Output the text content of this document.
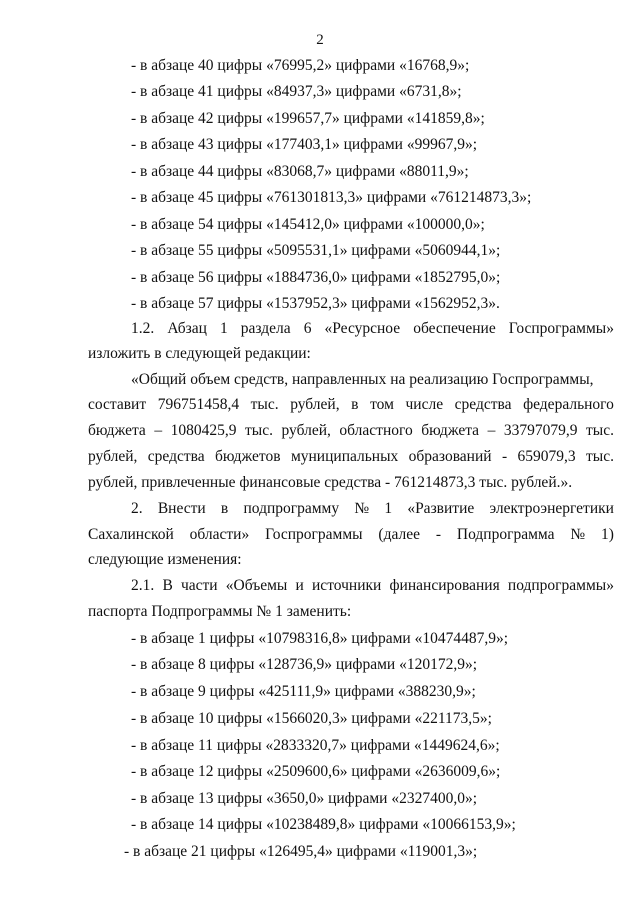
2
- в абзаце 40 цифры «76995,2» цифрами «16768,9»;
- в абзаце 41 цифры «84937,3» цифрами «6731,8»;
- в абзаце 42 цифры «199657,7» цифрами «141859,8»;
- в абзаце 43 цифры «177403,1» цифрами «99967,9»;
- в абзаце 44 цифры «83068,7» цифрами «88011,9»;
- в абзаце 45 цифры «761301813,3» цифрами «761214873,3»;
- в абзаце 54 цифры «145412,0» цифрами «100000,0»;
- в абзаце 55 цифры «5095531,1» цифрами «5060944,1»;
- в абзаце 56 цифры «1884736,0» цифрами «1852795,0»;
- в абзаце 57 цифры «1537952,3» цифрами «1562952,3».
1.2. Абзац 1 раздела 6 «Ресурсное обеспечение Госпрограммы»
изложить в следующей редакции:
«Общий объем средств, направленных на реализацию Госпрограммы,
составит 796751458,4 тыс. рублей, в том числе средства федерального
бюджета – 1080425,9 тыс. рублей, областного бюджета – 33797079,9 тыс.
рублей, средства бюджетов муниципальных образований - 659079,3 тыс.
рублей, привлеченные финансовые средства - 761214873,3 тыс. рублей.».
2. Внести в подпрограмму № 1 «Развитие электроэнергетики
Сахалинской области» Госпрограммы (далее - Подпрограмма № 1)
следующие изменения:
2.1. В части «Объемы и источники финансирования подпрограммы»
паспорта Подпрограммы № 1 заменить:
- в абзаце 1 цифры «10798316,8» цифрами «10474487,9»;
- в абзаце 8 цифры «128736,9» цифрами «120172,9»;
- в абзаце 9 цифры «425111,9» цифрами «388230,9»;
- в абзаце 10 цифры «1566020,3» цифрами «221173,5»;
- в абзаце 11 цифры «2833320,7» цифрами «1449624,6»;
- в абзаце 12 цифры «2509600,6» цифрами «2636009,6»;
- в абзаце 13 цифры «3650,0» цифрами «2327400,0»;
- в абзаце 14 цифры «10238489,8» цифрами «10066153,9»;
- в абзаце 21 цифры «126495,4» цифрами «119001,3»;
